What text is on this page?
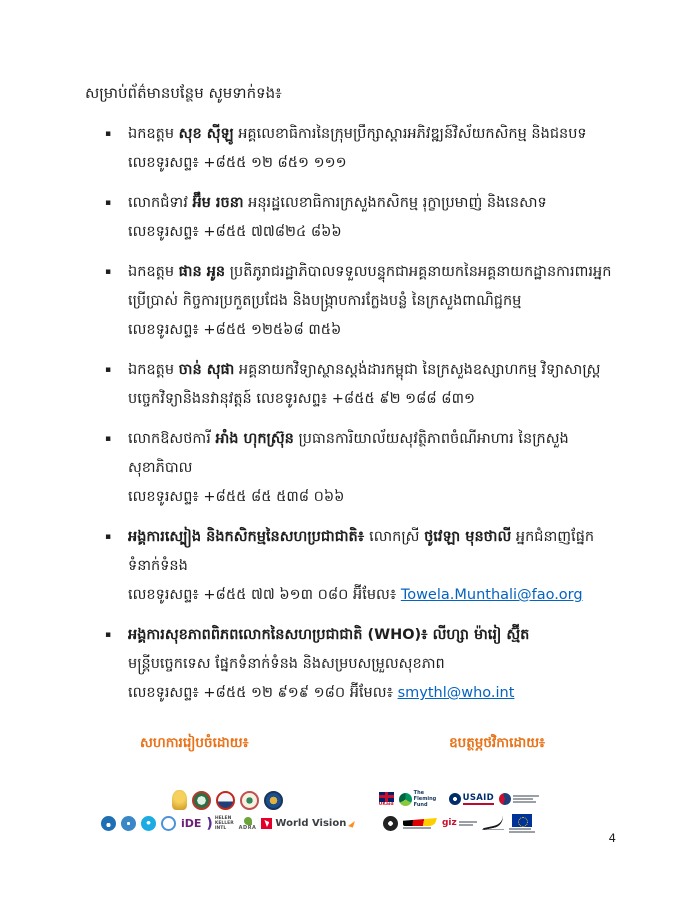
សម្រាប់ព័ត៌មានបន្ថែម សូមទាក់ទង៖

▪ ឯកឧត្តម សុខ ស៊ីឡូ អគ្គលេខាធិការនៃក្រុមប្រឹក្សាស្តារអភិវឌ្ឍន៍វិស័យកសិកម្ម និងជនបទ
លេខទូរសព្ទ៖ +៨៥៥ ១២ ៨៥១ ១១១
▪ លោកជំទាវ អ៊ឹម រចនា អនុរដ្ឋលេខាធិការក្រសួងកសិកម្ម រុក្ខាប្រមាញ់ និងនេសាទ
លេខទូរសព្ទ៖ +៨៥៥ ៧៧៨២៤ ៨៦៦
▪ ឯកឧត្តម ផាន អូន ប្រតិភូរាជរដ្ឋាភិបាលទទួលបន្ទុកជាអគ្គនាយកនៃអគ្គនាយកដ្ឋានការពារអ្នកប្រើប្រាស់ កិច្ចការប្រកួតប្រជែង និងបង្ក្រាបការក្លែងបន្លំ នៃក្រសួងពាណិជ្ជកម្ម
លេខទូរសព្ទ៖ +៨៥៥ ១២៥៦៨ ៣៥៦
▪ ឯកឧត្តម ចាន់ សុផា អគ្គនាយកវិទ្យាស្ថានស្តង់ដារកម្ពុជា នៃក្រសួងឧស្សាហកម្ម វិទ្យាសាស្ត្រ បច្ចេកវិទ្យានិងនវានុវត្តន៍ លេខទូរសព្ទ៖ +៨៥៥ ៩២ ១៨៨ ៨៣១
▪ លោកឱសថការី អាំង ហុកស្រ៊ុន ប្រធានការិយាល័យសុវត្ថិភាពចំណីអាហារ នៃក្រសួងសុខាភិបាល
លេខទូរសព្ទ៖ +៨៥៥ ៨៥ ៥៣៨ ០៦៦
▪ អង្គការស្បៀង និងកសិកម្មនៃសហប្រជាជាតិ៖ លោកស្រី ថូវេឡា មុនថាលី អ្នកជំនាញផ្នែកទំនាក់ទំនង
លេខទូរសព្ទ៖ +៨៥៥ ៧៧ ៦១៣ ០៨០ អ៊ីមែល៖ Towela.Munthali@fao.org
▪ អង្គការសុខភាពពិភពលោកនៃសហប្រជាជាតិ (WHO)៖ លីហ្សា ម៉ារៀ ស្ម៊ីត
មន្ត្រីបច្ចេកទេស ផ្នែកទំនាក់ទំនង និងសម្របសម្រួលសុខភាព
លេខទូរសព្ទ៖ +៨៥៥ ១២ ៩១៩ ១៨០ អ៊ីមែល៖ smythl@who.int
សហការរៀបចំដោយ៖	ឧបត្ថម្ភថវិកាដោយ៖
iDE ) HELEN
KELLER
INTL	ADRA World Vision
UKaid
The Fleming Fund
USAID
giz
4
